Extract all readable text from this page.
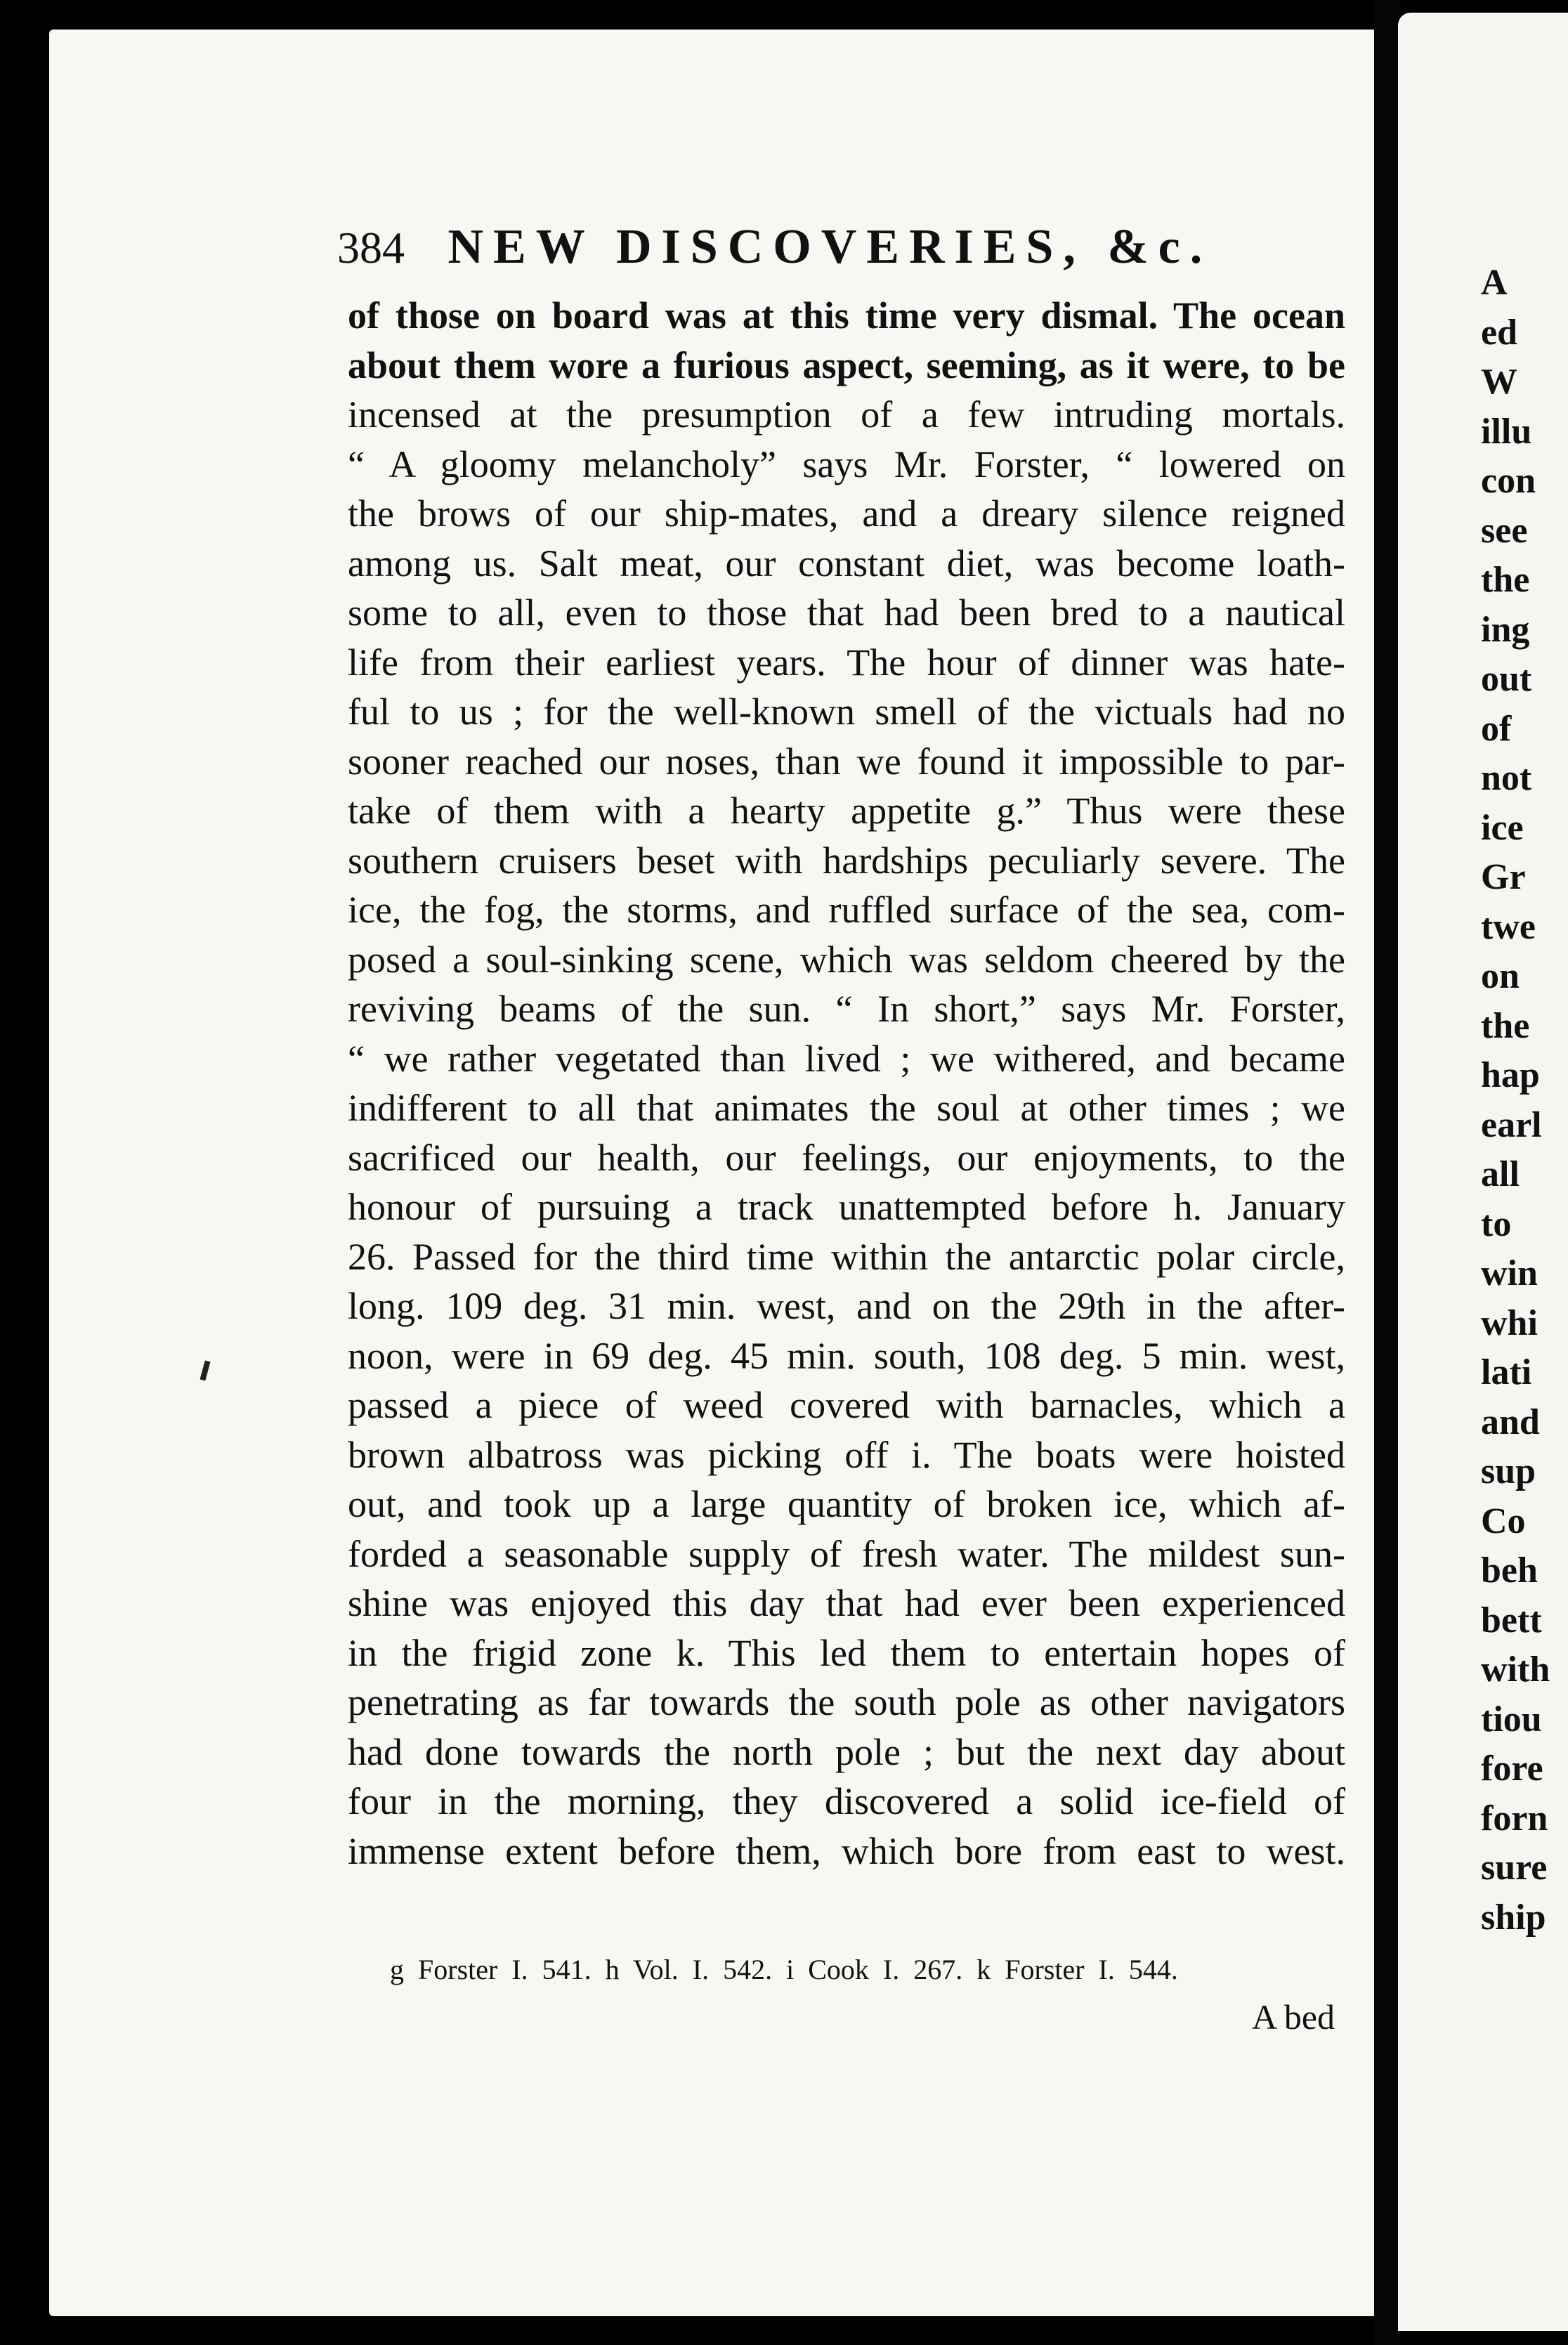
384 NEW DISCOVERIES, &c.
of those on board was at this time very dismal. The ocean
about them wore a furious aspect, seeming, as it were, to be
incensed at the presumption of a few intruding mortals.
“ A gloomy melancholy” says Mr. Forster, “ lowered on
the brows of our ship-mates, and a dreary silence reigned
among us. Salt meat, our constant diet, was become loath-
some to all, even to those that had been bred to a nautical
life from their earliest years. The hour of dinner was hate-
ful to us ; for the well-known smell of the victuals had no
sooner reached our noses, than we found it impossible to par-
take of them with a hearty appetite g.” Thus were these
southern cruisers beset with hardships peculiarly severe. The
ice, the fog, the storms, and ruffled surface of the sea, com-
posed a soul-sinking scene, which was seldom cheered by the
reviving beams of the sun. “ In short,” says Mr. Forster,
“ we rather vegetated than lived ; we withered, and became
indifferent to all that animates the soul at other times ; we
sacrificed our health, our feelings, our enjoyments, to the
honour of pursuing a track unattempted before h. January
26. Passed for the third time within the antarctic polar circle,
long. 109 deg. 31 min. west, and on the 29th in the after-
noon, were in 69 deg. 45 min. south, 108 deg. 5 min. west,
passed a piece of weed covered with barnacles, which a
brown albatross was picking off i. The boats were hoisted
out, and took up a large quantity of broken ice, which af-
forded a seasonable supply of fresh water. The mildest sun-
shine was enjoyed this day that had ever been experienced
in the frigid zone k. This led them to entertain hopes of
penetrating as far towards the south pole as other navigators
had done towards the north pole ; but the next day about
four in the morning, they discovered a solid ice-field of
immense extent before them, which bore from east to west.
g Forster I. 541. h Vol. I. 542. i Cook I. 267. k Forster I. 544.
A bed
A
ed
W
illu
con
see
the
ing
out
of
not
ice
Gr
twe
on
the
hap
earl
all
to
win
whi
lati
and
sup
Co
beh
bett
with
tiou
fore
forn
sure
ship
